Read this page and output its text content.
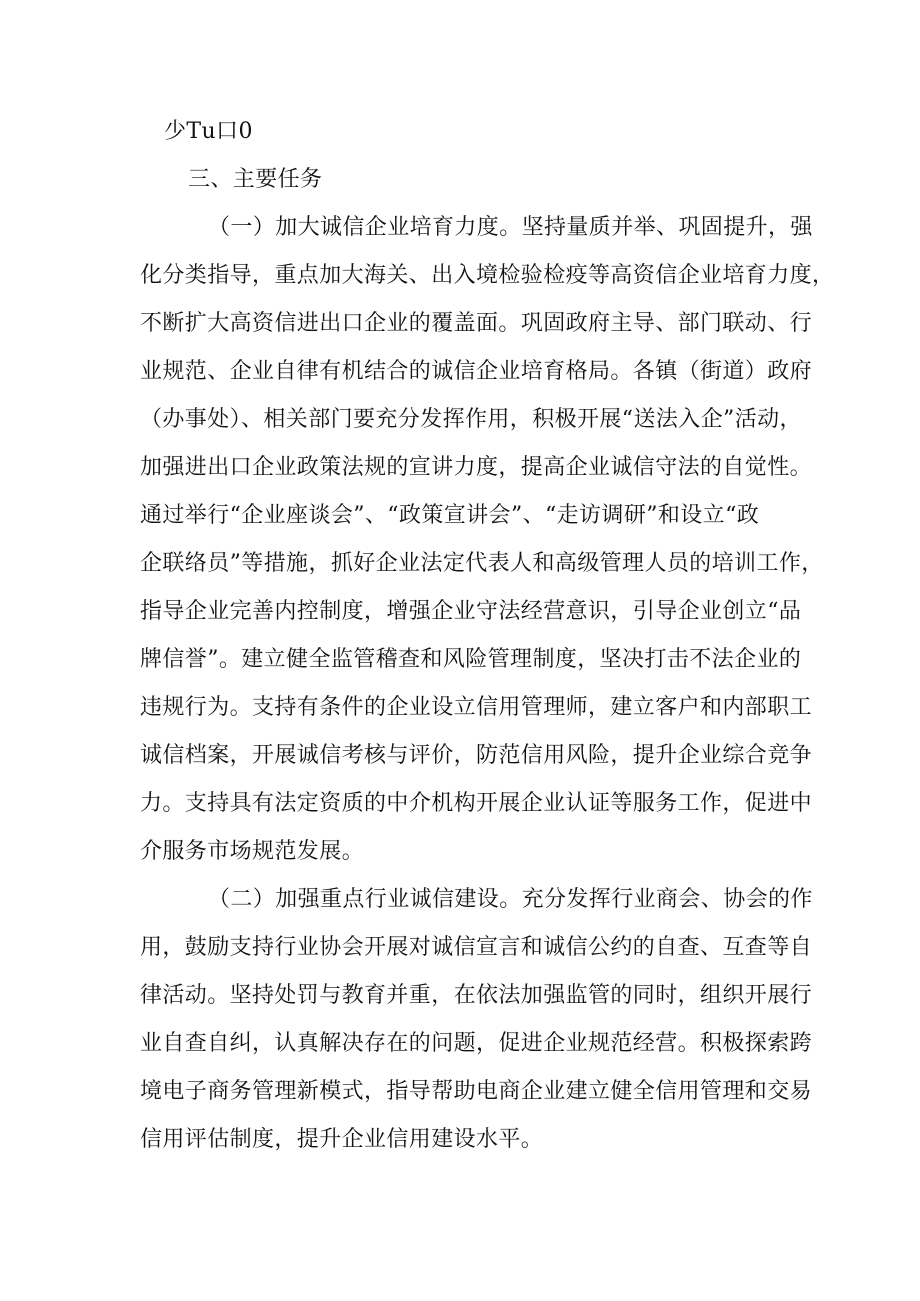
少Tu口0
三、主要任务
（一）加大诚信企业培育力度。坚持量质并举、巩固提升，强
化分类指导，重点加大海关、出入境检验检疫等高资信企业培育力度，
不断扩大高资信进出口企业的覆盖面。巩固政府主导、部门联动、行
业规范、企业自律有机结合的诚信企业培育格局。各镇（街道）政府
（办事处）、相关部门要充分发挥作用，积极开展“送法入企”活动，
加强进出口企业政策法规的宣讲力度，提高企业诚信守法的自觉性。
通过举行“企业座谈会”、“政策宣讲会”、“走访调研”和设立“政
企联络员”等措施，抓好企业法定代表人和高级管理人员的培训工作，
指导企业完善内控制度，增强企业守法经营意识，引导企业创立“品
牌信誉”。建立健全监管稽查和风险管理制度，坚决打击不法企业的
违规行为。支持有条件的企业设立信用管理师，建立客户和内部职工
诚信档案，开展诚信考核与评价，防范信用风险，提升企业综合竞争
力。支持具有法定资质的中介机构开展企业认证等服务工作，促进中
介服务市场规范发展。
（二）加强重点行业诚信建设。充分发挥行业商会、协会的作
用，鼓励支持行业协会开展对诚信宣言和诚信公约的自查、互查等自
律活动。坚持处罚与教育并重，在依法加强监管的同时，组织开展行
业自查自纠，认真解决存在的问题，促进企业规范经营。积极探索跨
境电子商务管理新模式，指导帮助电商企业建立健全信用管理和交易
信用评估制度，提升企业信用建设水平。
